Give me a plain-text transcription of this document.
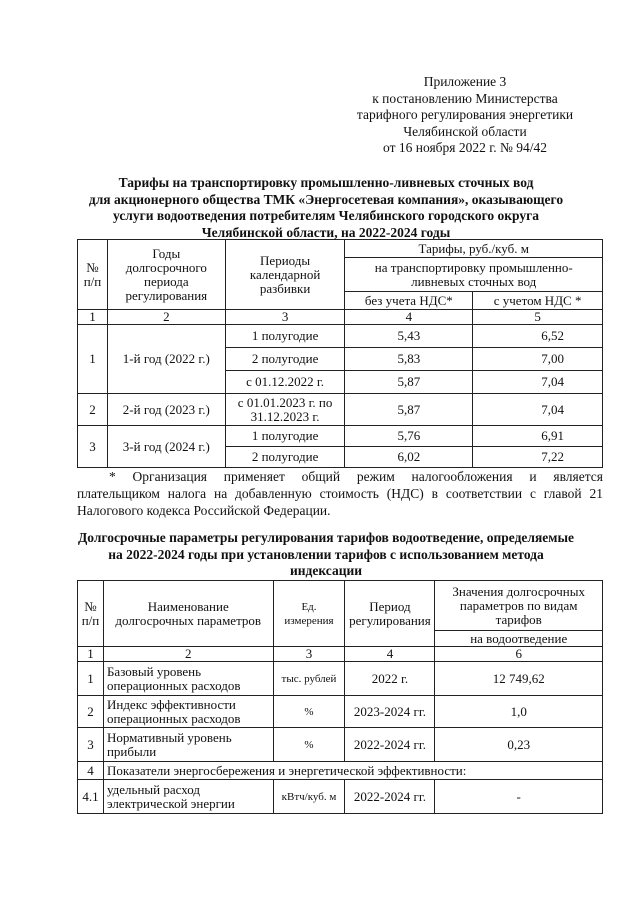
Приложение 3
к постановлению Министерства
тарифного регулирования энергетики
Челябинской области
от 16 ноября 2022 г. № 94/42
Тарифы на транспортировку промышленно-ливневых сточных вод
для акционерного общества ТМК «Энергосетевая компания», оказывающего
услуги водоотведения потребителям Челябинского городского округа
Челябинской области, на 2022-2024 годы
№ п/п	Годы долгосрочного периода регулирования	Периоды календарной разбивки	Тарифы, руб./куб. м	
			на транспортировку промышленно-ливневых сточных вод	
			без учета НДС*	с учетом НДС *
1	2	3	4	5
1	1-й год (2022 г.)	1 полугодие	5,43	6,52
		2 полугодие	5,83	7,00
		с 01.12.2022 г.	5,87	7,04
2	2-й год (2023 г.)	с 01.01.2023 г. по 31.12.2023 г.	5,87	7,04
3	3-й год (2024 г.)	1 полугодие	5,76	6,91
		2 полугодие	6,02	7,22

* Организация применяет общий режим налогообложения и является

плательщиком налога на добавленную стоимость (НДС) в соответствии с главой 21 Налогового кодекса Российской Федерации.

Долгосрочные параметры регулирования тарифов водоотведение, определяемые
на 2022-2024 годы при установлении тарифов с использованием метода
индексации
№ п/п	Наименование долгосрочных параметров	Ед. измерения	Период регулирования	Значения долгосрочных параметров по видам тарифов
				на водоотведение
1	2	3	4	6
1	Базовый уровень операционных расходов	тыс. рублей	2022 г.	12 749,62
2	Индекс эффективности операционных расходов	%	2023-2024 гг.	1,0
3	Нормативный уровень прибыли	%	2022-2024 гг.	0,23
4	Показатели энергосбережения и энергетической эффективности:			
4.1	удельный расход электрической энергии	кВтч/куб. м	2022-2024 гг.	-
